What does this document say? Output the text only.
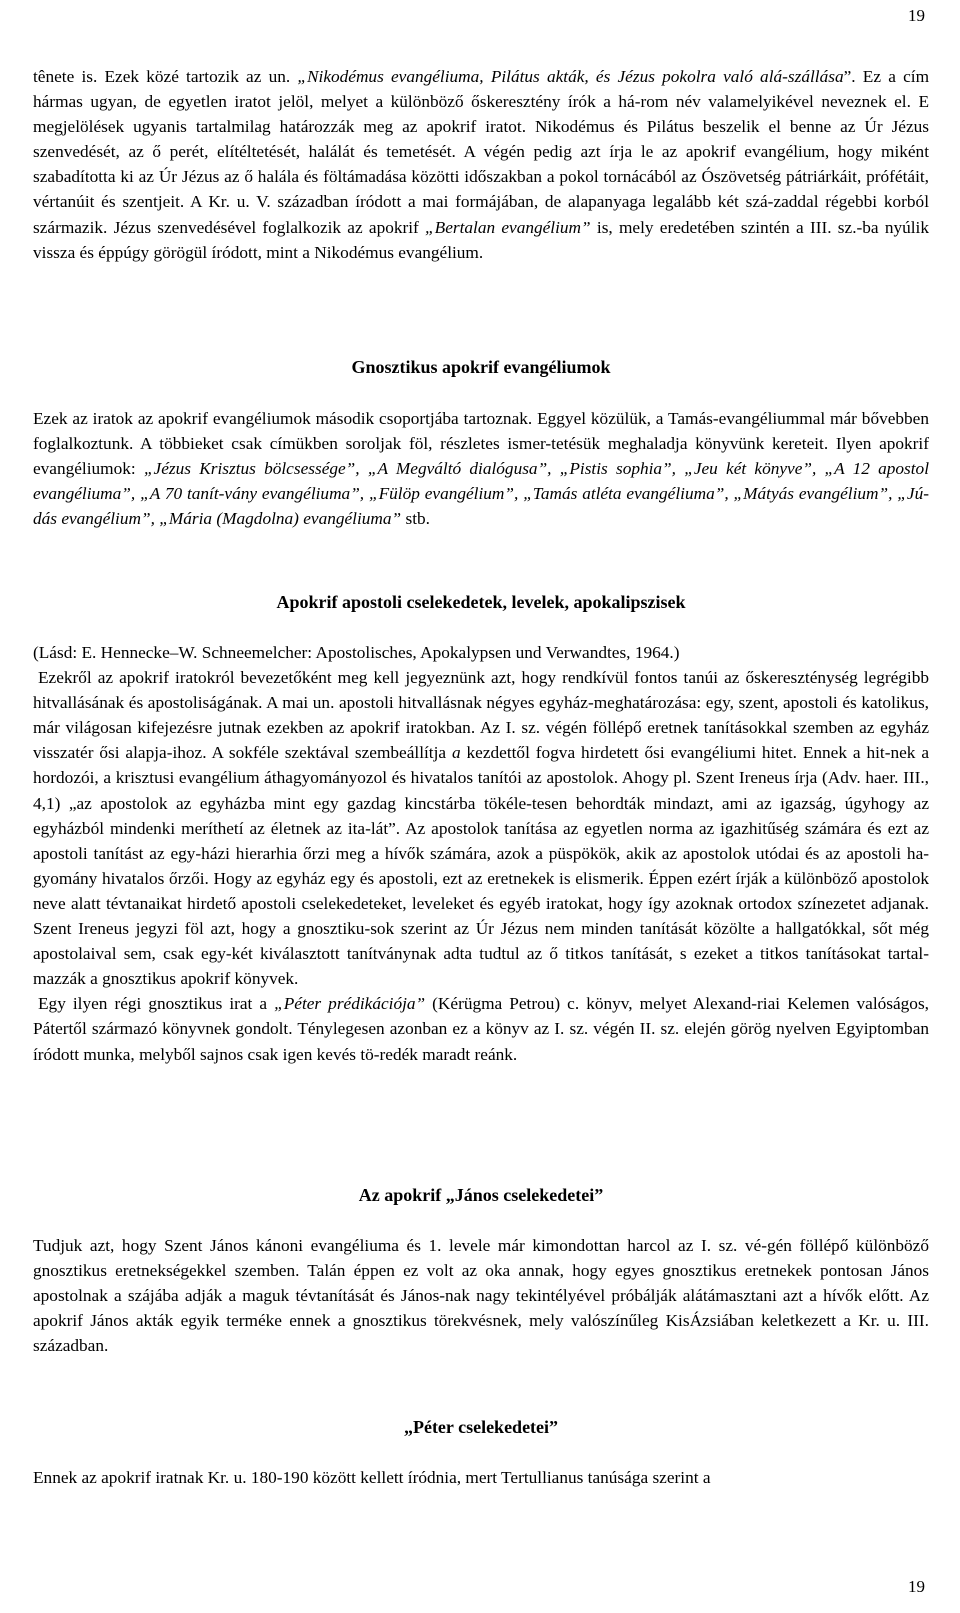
19

tênete is. Ezek közé tartozik az un. „Nikodémus evangéliuma, Pilátus akták, és Jézus pokolra való alá-szállása”. Ez a cím hármas ugyan, de egyetlen iratot jelöl, melyet a különböző őskeresztény írók a há-rom név valamelyikével neveznek el. E megjelölések ugyanis tartalmilag határozzák meg az apokrif iratot. Nikodémus és Pilátus beszelik el benne az Úr Jézus szenvedését, az ő perét, elítéltetését, halálát és temetését. A végén pedig azt írja le az apokrif evangélium, hogy miként szabadította ki az Úr Jézus az ő halála és föltámadása közötti időszakban a pokol tornácából az Ószövetség pátriárkáit, prófétáit, vértanúit és szentjeit. A Kr. u. V. században íródott a mai formájában, de alapanyaga legalább két szá-zaddal régebbi korból származik. Jézus szenvedésével foglalkozik az apokrif „Bertalan evangélium” is, mely eredetében szintén a III. sz.-ba nyúlik vissza és éppúgy görögül íródott, mint a Nikodémus evangélium.

Gnosztikus apokrif evangéliumok

Ezek az iratok az apokrif evangéliumok második csoportjába tartoznak. Eggyel közülük, a Tamás-evangéliummal már bővebben foglalkoztunk. A többieket csak címükben soroljak föl, részletes ismer-tetésük meghaladja könyvünk kereteit. Ilyen apokrif evangéliumok: „Jézus Krisztus bölcsessége”, „A Megváltó dialógusa”, „Pistis sophia”, „Jeu két könyve”, „A 12 apostol evangéliuma”, „A 70 tanít-vány evangéliuma”, „Fülöp evangélium”, „Tamás atléta evangéliuma”, „Mátyás evangélium”, „Jú-dás evangélium”, „Mária (Magdolna) evangéliuma” stb.

Apokrif apostoli cselekedetek, levelek, apokalipszisek

(Lásd: E. Hennecke–W. Schneemelcher: Apostolisches, Apokalypsen und Verwandtes, 1964.)

Ezekről az apokrif iratokról bevezetőként meg kell jegyeznünk azt, hogy rendkívül fontos tanúi az őskereszténység legrégibb hitvallásának és apostoliságának. A mai un. apostoli hitvallásnak négyes egyház-meghatározása: egy, szent, apostoli és katolikus, már világosan kifejezésre jutnak ezekben az apokrif iratokban. Az I. sz. végén föllépő eretnek tanításokkal szemben az egyház visszatér ősi alapja-ihoz. A sokféle szektával szembeállítja a kezdettől fogva hirdetett ősi evangéliumi hitet. Ennek a hit-nek a hordozói, a krisztusi evangélium áthagyományozol és hivatalos tanítói az apostolok. Ahogy pl. Szent Ireneus írja (Adv. haer. III., 4,1) „az apostolok az egyházba mint egy gazdag kincstárba tökéle-tesen behordták mindazt, ami az igazság, úgyhogy az egyházból mindenki meríthetí az életnek az ita-lát”. Az apostolok tanítása az egyetlen norma az igazhitűség számára és ezt az apostoli tanítást az egy-házi hierarhia őrzi meg a hívők számára, azok a püspökök, akik az apostolok utódai és az apostoli ha-gyomány hivatalos őrzői. Hogy az egyház egy és apostoli, ezt az eretnekek is elismerik. Éppen ezért írják a különböző apostolok neve alatt tévtanaikat hirdető apostoli cselekedeteket, leveleket és egyéb iratokat, hogy így azoknak ortodox színezetet adjanak. Szent Ireneus jegyzi föl azt, hogy a gnosztiku-sok szerint az Úr Jézus nem minden tanítását közölte a hallgatókkal, sőt még apostolaival sem, csak egy-két kiválasztott tanítványnak adta tudtul az ő titkos tanítását, s ezeket a titkos tanításokat tartal-mazzák a gnosztikus apokrif könyvek.

Egy ilyen régi gnosztikus irat a „Péter prédikációja” (Kérügma Petrou) c. könyv, melyet Alexand-riai Kelemen valóságos, Pátertől származó könyvnek gondolt. Ténylegesen azonban ez a könyv az I. sz. végén II. sz. elején görög nyelven Egyiptomban íródott munka, melyből sajnos csak igen kevés tö-redék maradt reánk.

Az apokrif „János cselekedetei”

Tudjuk azt, hogy Szent János kánoni evangéliuma és 1. levele már kimondottan harcol az I. sz. vé-gén föllépő különböző gnosztikus eretnekségekkel szemben. Talán éppen ez volt az oka annak, hogy egyes gnosztikus eretnekek pontosan János apostolnak a szájába adják a maguk tévtanítását és János-nak nagy tekintélyével próbálják alátámasztani azt a hívők előtt. Az apokrif János akták egyik terméke ennek a gnosztikus törekvésnek, mely valószínűleg KisÁzsiában keletkezett a Kr. u. III. században.

„Péter cselekedetei”

Ennek az apokrif iratnak Kr. u. 180-190 között kellett íródnia, mert Tertullianus tanúsága szerint a

19
